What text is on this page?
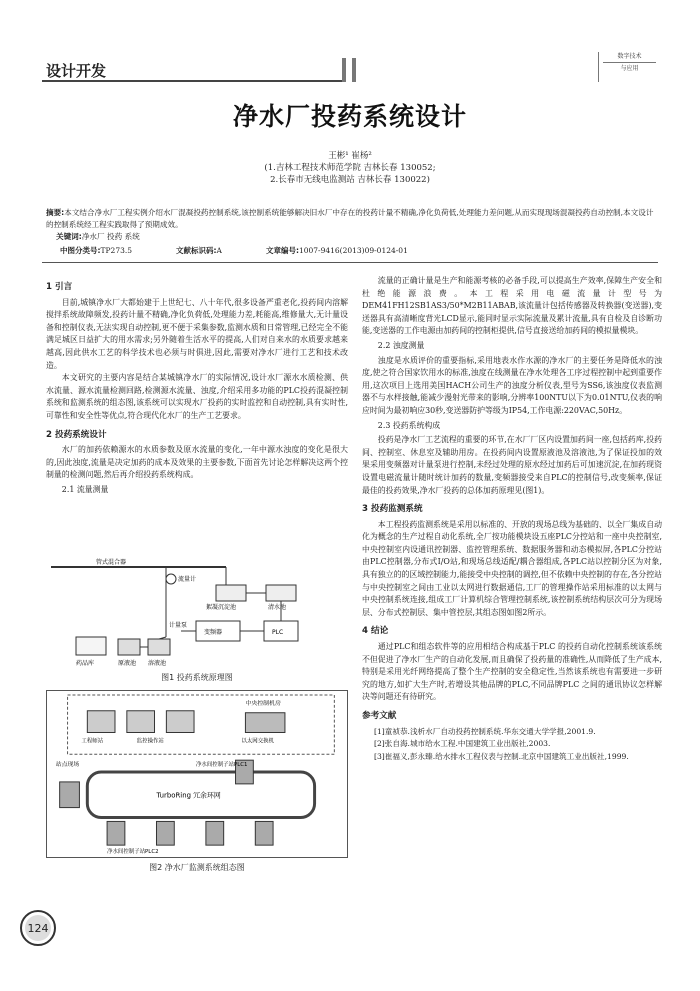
设计开发
数字技术
与应用
净水厂投药系统设计
王彬¹ 崔杨²
(1.吉林工程技术师范学院 吉林长春 130052;
2.长春市无线电监测站 吉林长春 130022)
摘要:本文结合净水厂工程实例介绍水厂混凝投药控制系统,该控制系统能够解决旧水厂中存在的投药计量不精确,净化负荷低,处理能力差问题,从而实现现场混凝投药自动控制,本文设计的控制系统经工程实践取得了预期成效。
关键词:净水厂 投药 系统
中图分类号:TP273.5	文献标识码:A	文章编号:1007-9416(2013)09-0124-01
1 引言

目前,城镇净水厂大都始建于上世纪七、八十年代,很多设备严重老化,投药间内溶解搅拌系统故障频发,投药计量不精确,净化负荷低,处理能力差,耗能高,维修量大,无计量设备和控制仪表,无法实现自动控制,更不便于采集参数,监测水质和日常管理,已经完全不能满足城区日益扩大的用水需求;另外随着生活水平的提高,人们对自来水的水质要求越来越高,因此供水工艺的科学技术也必须与时俱进,因此,需要对净水厂进行工艺和技术改造。

本文研究的主要内容是结合某城镇净水厂的实际情况,设计水厂源水水质检测、供水流量、源水流量检测回路,检测源水流量、浊度,介绍采用多功能的PLC投药混凝控制系统和监测系统的组态图,该系统可以实现水厂投药的实时监控和自动控制,具有实时性,可靠性和安全性等优点,符合现代化水厂的生产工艺要求。

2 投药系统设计

水厂的加药依赖源水的水质参数及原水流量的变化,一年中源水浊度的变化是很大的,因此浊度,流量是决定加药的成本及效果的主要参数,下面首先讨论怎样解决这两个控制量的检测问题,然后再介绍投药系统构成。

2.1 流量测量
管式混合器
流量计
絮凝沉淀池	清水池
计量泵
变频器	PLC
药品库	原液池 溶液池
图1 投药系统原理图
中央控制机房
工程师站	监控操作站	以太网交换机
站点现场
TurboRing 冗余环网
净水间控制子站PLC1
净水间控制子站PLC2
图2 净水厂监测系统组态图

流量的正确计量是生产和能源考核的必备手段,可以提高生产效率,保障生产安全和杜绝能源浪费。本工程采用电磁流量计型号为DEM41FH12SB1AS3/50*M2B11ABAB,该流量计包括传感器及转换器(变送器),变送器具有高清晰度背光LCD显示,能同时显示实际流量及累计流量,具有自检及自诊断功能,变送器的工作电源由加药间的控制柜提供,信号直接送给加药间的模拟量模块。

2.2 浊度测量

浊度是水质评价的重要指标,采用地表水作水源的净水厂的主要任务是降低水的浊度,使之符合国家饮用水的标准,浊度在线测量在净水处理各工序过程控制中起到重要作用,这次项目上选用美国HACH公司生产的浊度分析仪表,型号为SS6,该浊度仪表监测器不与水样接触,能减少漫射光带来的影响,分辨率100NTU以下为0.01NTU,仪表的响应时间为最初响应30秒,变送器防护等级为IP54,工作电源:220VAC,50Hz。

2.3 投药系统构成

投药是净水厂工艺流程的重要的环节,在水厂厂区内设置加药间一座,包括药库,投药间、控制室、休息室及辅助用房。在投药间内设置原液池及溶液池,为了保证投加的效果采用变频器对计量泵进行控制,未经过处理的原水经过加药后可加速沉淀,在加药现资设置电磁流量计随时统计加药的数量,变频器接受来自PLC的控制信号,改变频率,保证最佳的投药效果,净水厂投药的总体加药原理见(图1)。

3 投药监测系统

本工程投药监测系统是采用以标准的、开放的现场总线为基础的、以全厂集成自动化为概念的生产过程自动化系统,全厂按功能模块设五座PLC分控站和一座中央控制室,中央控制室内设通讯控制器、监控管理系统、数据服务器和动态模拟屏,各PLC分控站由PLC控制器,分布式I/O站,和现场总线适配/耦合器组成,各PLC站以控制分区为对象,具有独立的的区域控制能力,能接受中央控制的调控,但不依赖中央控制的存在,各分控站与中央控制室之间由工业以太网进行数据通信,工厂的管理操作站采用标准的以太网与中央控制系统连接,组成工厂计算机综合管理控制系统,该控制系统结构层次可分为现场层、分布式控制层、集中管控层,其组态图如图2所示。

4 结论

通过PLC和组态软件等的应用相结合构成基于PLC 的投药自动化控制系统该系统不但促进了净水厂生产的自动化发展,而且确保了投药量的准确性,从而降低了生产成本,特别是采用光纤网络提高了整个生产控制的安全稳定性,当然该系统也有需要进一步研究的地方,如扩大生产时,若增设其他品牌的PLC,不同品牌PLC 之间的通讯协议怎样解决等问题还有待研究。

参考文献
[1]童祯恭.浅析水厂自动投药控制系统.华东交通大学学报,2001.9.
[2]张自海.城市给水工程.中国建筑工业出版社,2003.
[3]崔福义,彭永臻.给水排水工程仪表与控制.北京中国建筑工业出版社,1999.
124
